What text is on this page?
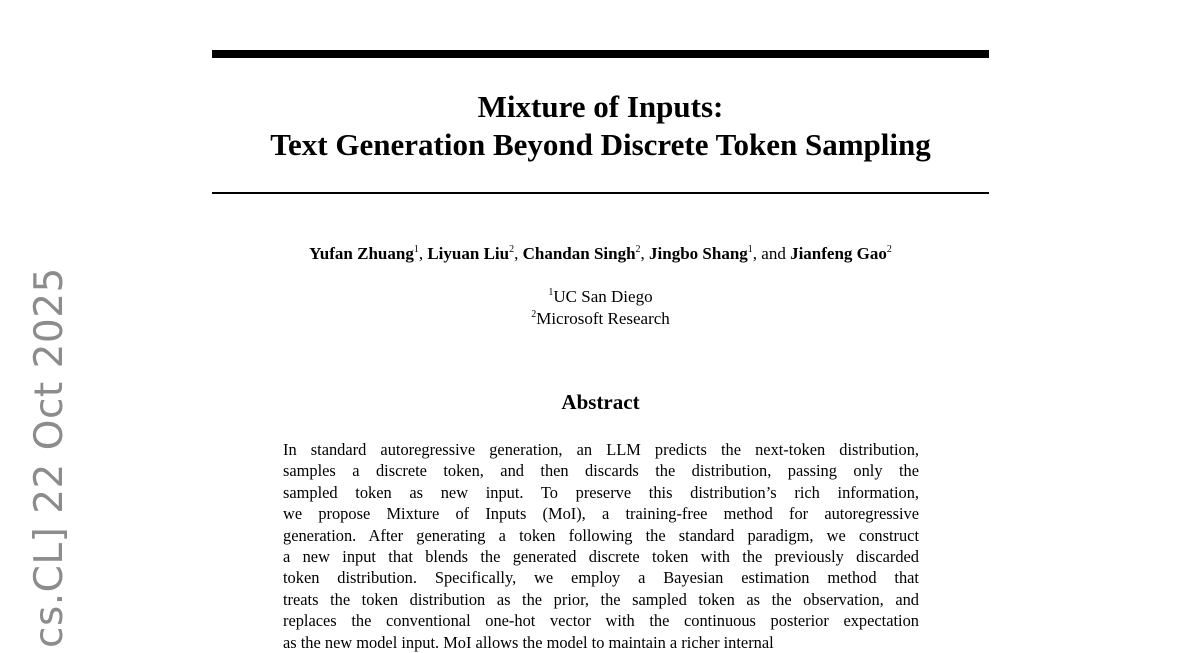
Mixture of Inputs:
Text Generation Beyond Discrete Token Sampling
Yufan Zhuang$^1$, Liyuan Liu$^2$, Chandan Singh$^2$, Jingbo Shang$^1$, and Jianfeng Gao$^2$
$^1$UC San Diego
$^2$Microsoft Research
Abstract
In standard autoregressive generation, an LLM predicts the next-token distribution,
samples a discrete token, and then discards the distribution, passing only the
sampled token as new input. To preserve this distribution’s rich information,
we propose Mixture of Inputs (MoI), a training-free method for autoregressive
generation. After generating a token following the standard paradigm, we construct
a new input that blends the generated discrete token with the previously discarded
token distribution. Specifically, we employ a Bayesian estimation method that
treats the token distribution as the prior, the sampled token as the observation, and
replaces the conventional one-hot vector with the continuous posterior expectation
as the new model input. MoI allows the model to maintain a richer internal
cs.CL] 22 Oct 2025
